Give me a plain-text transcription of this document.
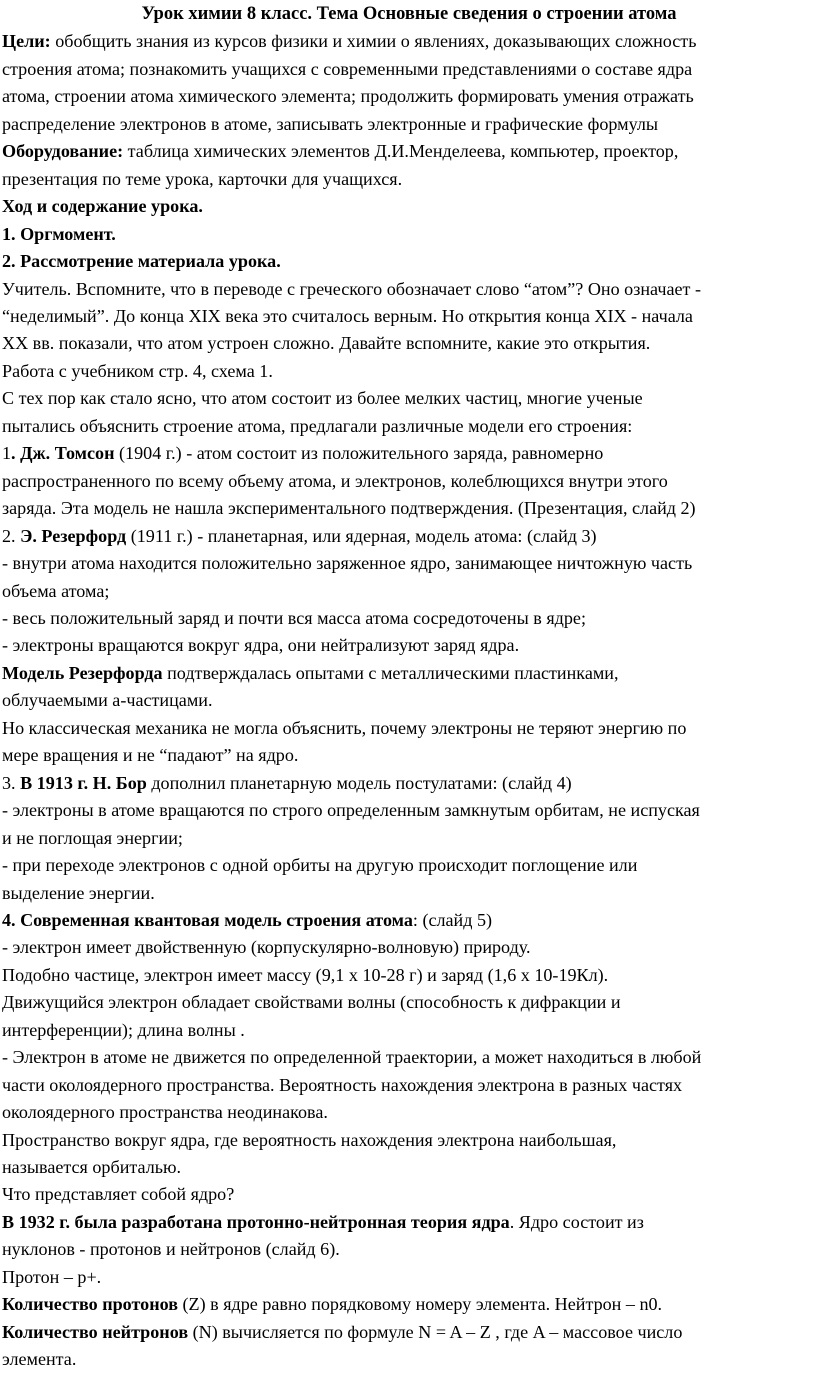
Урок химии 8 класс. Тема Основные сведения о строении атома

Цели: обобщить знания из курсов физики и химии о явлениях, доказывающих сложность

строения атома; познакомить учащихся с современными представлениями о составе ядра

атома, строении атома химического элемента; продолжить формировать умения отражать

распределение электронов в атоме, записывать электронные и графические формулы

Оборудование: таблица химических элементов Д.И.Менделеева, компьютер, проектор,

презентация по теме урока, карточки для учащихся.

Ход и содержание урока.

1. Оргмомент.

2. Рассмотрение материала урока.

Учитель. Вспомните, что в переводе с греческого обозначает слово “атом”? Оно означает -

“неделимый”. До конца XIX века это считалось верным. Но открытия конца XIX - начала

XX вв. показали, что атом устроен сложно. Давайте вспомните, какие это открытия.

Работа с учебником стр. 4, схема 1.

С тех пор как стало ясно, что атом состоит из более мелких частиц, многие ученые

пытались объяснить строение атома, предлагали различные модели его строения:

1. Дж. Томсон (1904 г.) - атом состоит из положительного заряда, равномерно

распространенного по всему объему атома, и электронов, колеблющихся внутри этого

заряда. Эта модель не нашла экспериментального подтверждения. (Презентация, слайд 2)

2. Э. Резерфорд (1911 г.) - планетарная, или ядерная, модель атома: (слайд 3)

- внутри атома находится положительно заряженное ядро, занимающее ничтожную часть

объема атома;

- весь положительный заряд и почти вся масса атома сосредоточены в ядре;

- электроны вращаются вокруг ядра, они нейтрализуют заряд ядра.

Модель Резерфорда подтверждалась опытами с металлическими пластинками,

облучаемыми a-частицами.

Но классическая механика не могла объяснить, почему электроны не теряют энергию по

мере вращения и не “падают” на ядро.

3. В 1913 г. Н. Бор дополнил планетарную модель постулатами: (слайд 4)

- электроны в атоме вращаются по строго определенным замкнутым орбитам, не испуская

и не поглощая энергии;

- при переходе электронов с одной орбиты на другую происходит поглощение или

выделение энергии.

4. Современная квантовая модель строения атома: (слайд 5)

- электрон имеет двойственную (корпускулярно-волновую) природу.

Подобно частице, электрон имеет массу (9,1 x 10-28 г) и заряд (1,6 x 10-19Кл).

Движущийся электрон обладает свойствами волны (способность к дифракции и

интерференции); длина волны .

- Электрон в атоме не движется по определенной траектории, а может находиться в любой

части околоядерного пространства. Вероятность нахождения электрона в разных частях

околоядерного пространства неодинакова.

Пространство вокруг ядра, где вероятность нахождения электрона наибольшая,

называется орбиталью.

Что представляет собой ядро?

В 1932 г. была разработана протонно-нейтронная теория ядра. Ядро состоит из

нуклонов - протонов и нейтронов (слайд 6).

Протон – p+.

Количество протонов (Z) в ядре равно порядковому номеру элемента. Нейтрон – n0.

Количество нейтронов (N) вычисляется по формуле N = A – Z , где A – массовое число

элемента.
